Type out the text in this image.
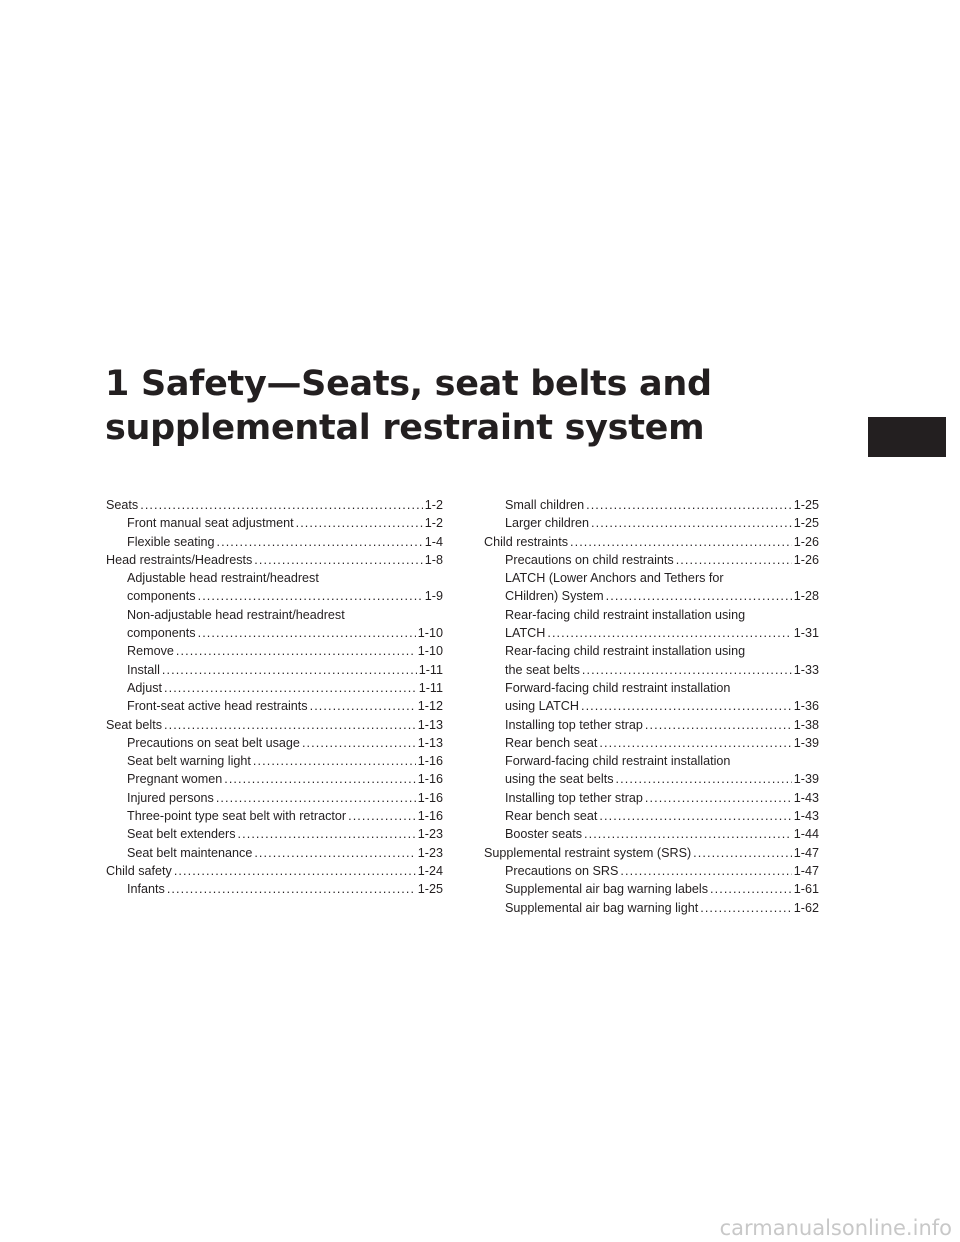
1 Safety—Seats, seat belts and
supplemental restraint system
Seats . . .	1-2
Front manual seat adjustment . . .	1-2
Flexible seating . . .	1-4
Head restraints/Headrests . . .	1-8
Adjustable head restraint/headrest
components . . .	1-9
Non-adjustable head restraint/headrest
components . . .	1-10
Remove . . .	1-10
Install . . .	1-11
Adjust . . .	1-11
Front-seat active head restraints . . .	1-12
Seat belts . . .	1-13
Precautions on seat belt usage . . .	1-13
Seat belt warning light . . .	1-16
Pregnant women . . .	1-16
Injured persons . . .	1-16
Three-point type seat belt with retractor . . .	1-16
Seat belt extenders . . .	1-23
Seat belt maintenance . . .	1-23
Child safety . . .	1-24
Infants . . .	1-25
Small children . . .	1-25
Larger children . . .	1-25
Child restraints . . .	1-26
Precautions on child restraints . . .	1-26
LATCH (Lower Anchors and Tethers for
CHildren) System . . .	1-28
Rear-facing child restraint installation using
LATCH . . .	1-31
Rear-facing child restraint installation using
the seat belts . . .	1-33
Forward-facing child restraint installation
using LATCH . . .	1-36
Installing top tether strap . . .	1-38
Rear bench seat . . .	1-39
Forward-facing child restraint installation
using the seat belts . . .	1-39
Installing top tether strap . . .	1-43
Rear bench seat . . .	1-43
Booster seats . . .	1-44
Supplemental restraint system (SRS) . . .	1-47
Precautions on SRS . . .	1-47
Supplemental air bag warning labels . . .	1-61
Supplemental air bag warning light . . .	1-62
carmanualsonline.info
